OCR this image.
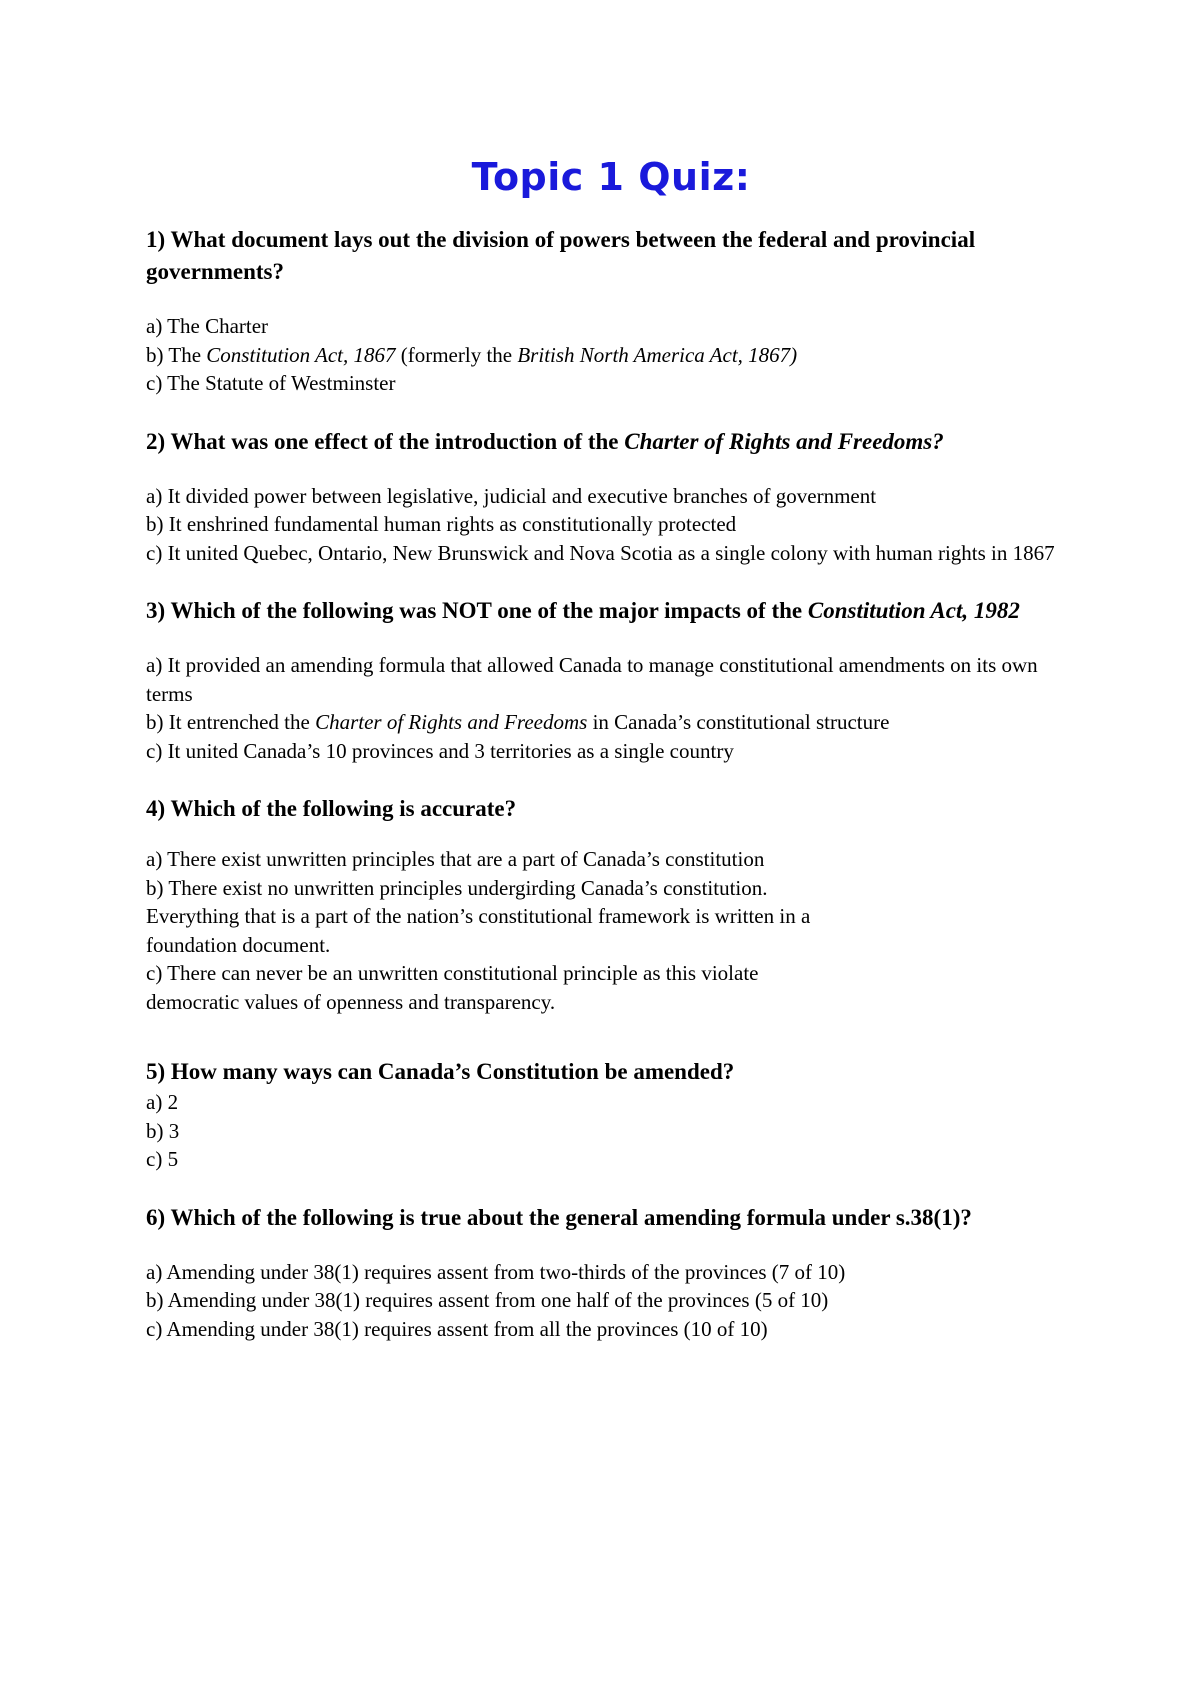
Topic 1 Quiz:

1) What document lays out the division of powers between the federal and provincial governments?

a) The Charter
b) The Constitution Act, 1867 (formerly the British North America Act, 1867)
c) The Statute of Westminster

2) What was one effect of the introduction of the Charter of Rights and Freedoms?

a) It divided power between legislative, judicial and executive branches of government
b) It enshrined fundamental human rights as constitutionally protected
c) It united Quebec, Ontario, New Brunswick and Nova Scotia as a single colony with human rights in 1867

3) Which of the following was NOT one of the major impacts of the Constitution Act, 1982

a) It provided an amending formula that allowed Canada to manage constitutional amendments on its own terms
b) It entrenched the Charter of Rights and Freedoms in Canada’s constitutional structure
c) It united Canada’s 10 provinces and 3 territories as a single country

4) Which of the following is accurate?

a) There exist unwritten principles that are a part of Canada’s constitution
b) There exist no unwritten principles undergirding Canada’s constitution.
Everything that is a part of the nation’s constitutional framework is written in a
foundation document.
c) There can never be an unwritten constitutional principle as this violate
democratic values of openness and transparency.

5) How many ways can Canada’s Constitution be amended?

a) 2
b) 3
c) 5

6) Which of the following is true about the general amending formula under s.38(1)?

a) Amending under 38(1) requires assent from two-thirds of the provinces (7 of 10)
b) Amending under 38(1) requires assent from one half of the provinces (5 of 10)
c) Amending under 38(1) requires assent from all the provinces (10 of 10)
